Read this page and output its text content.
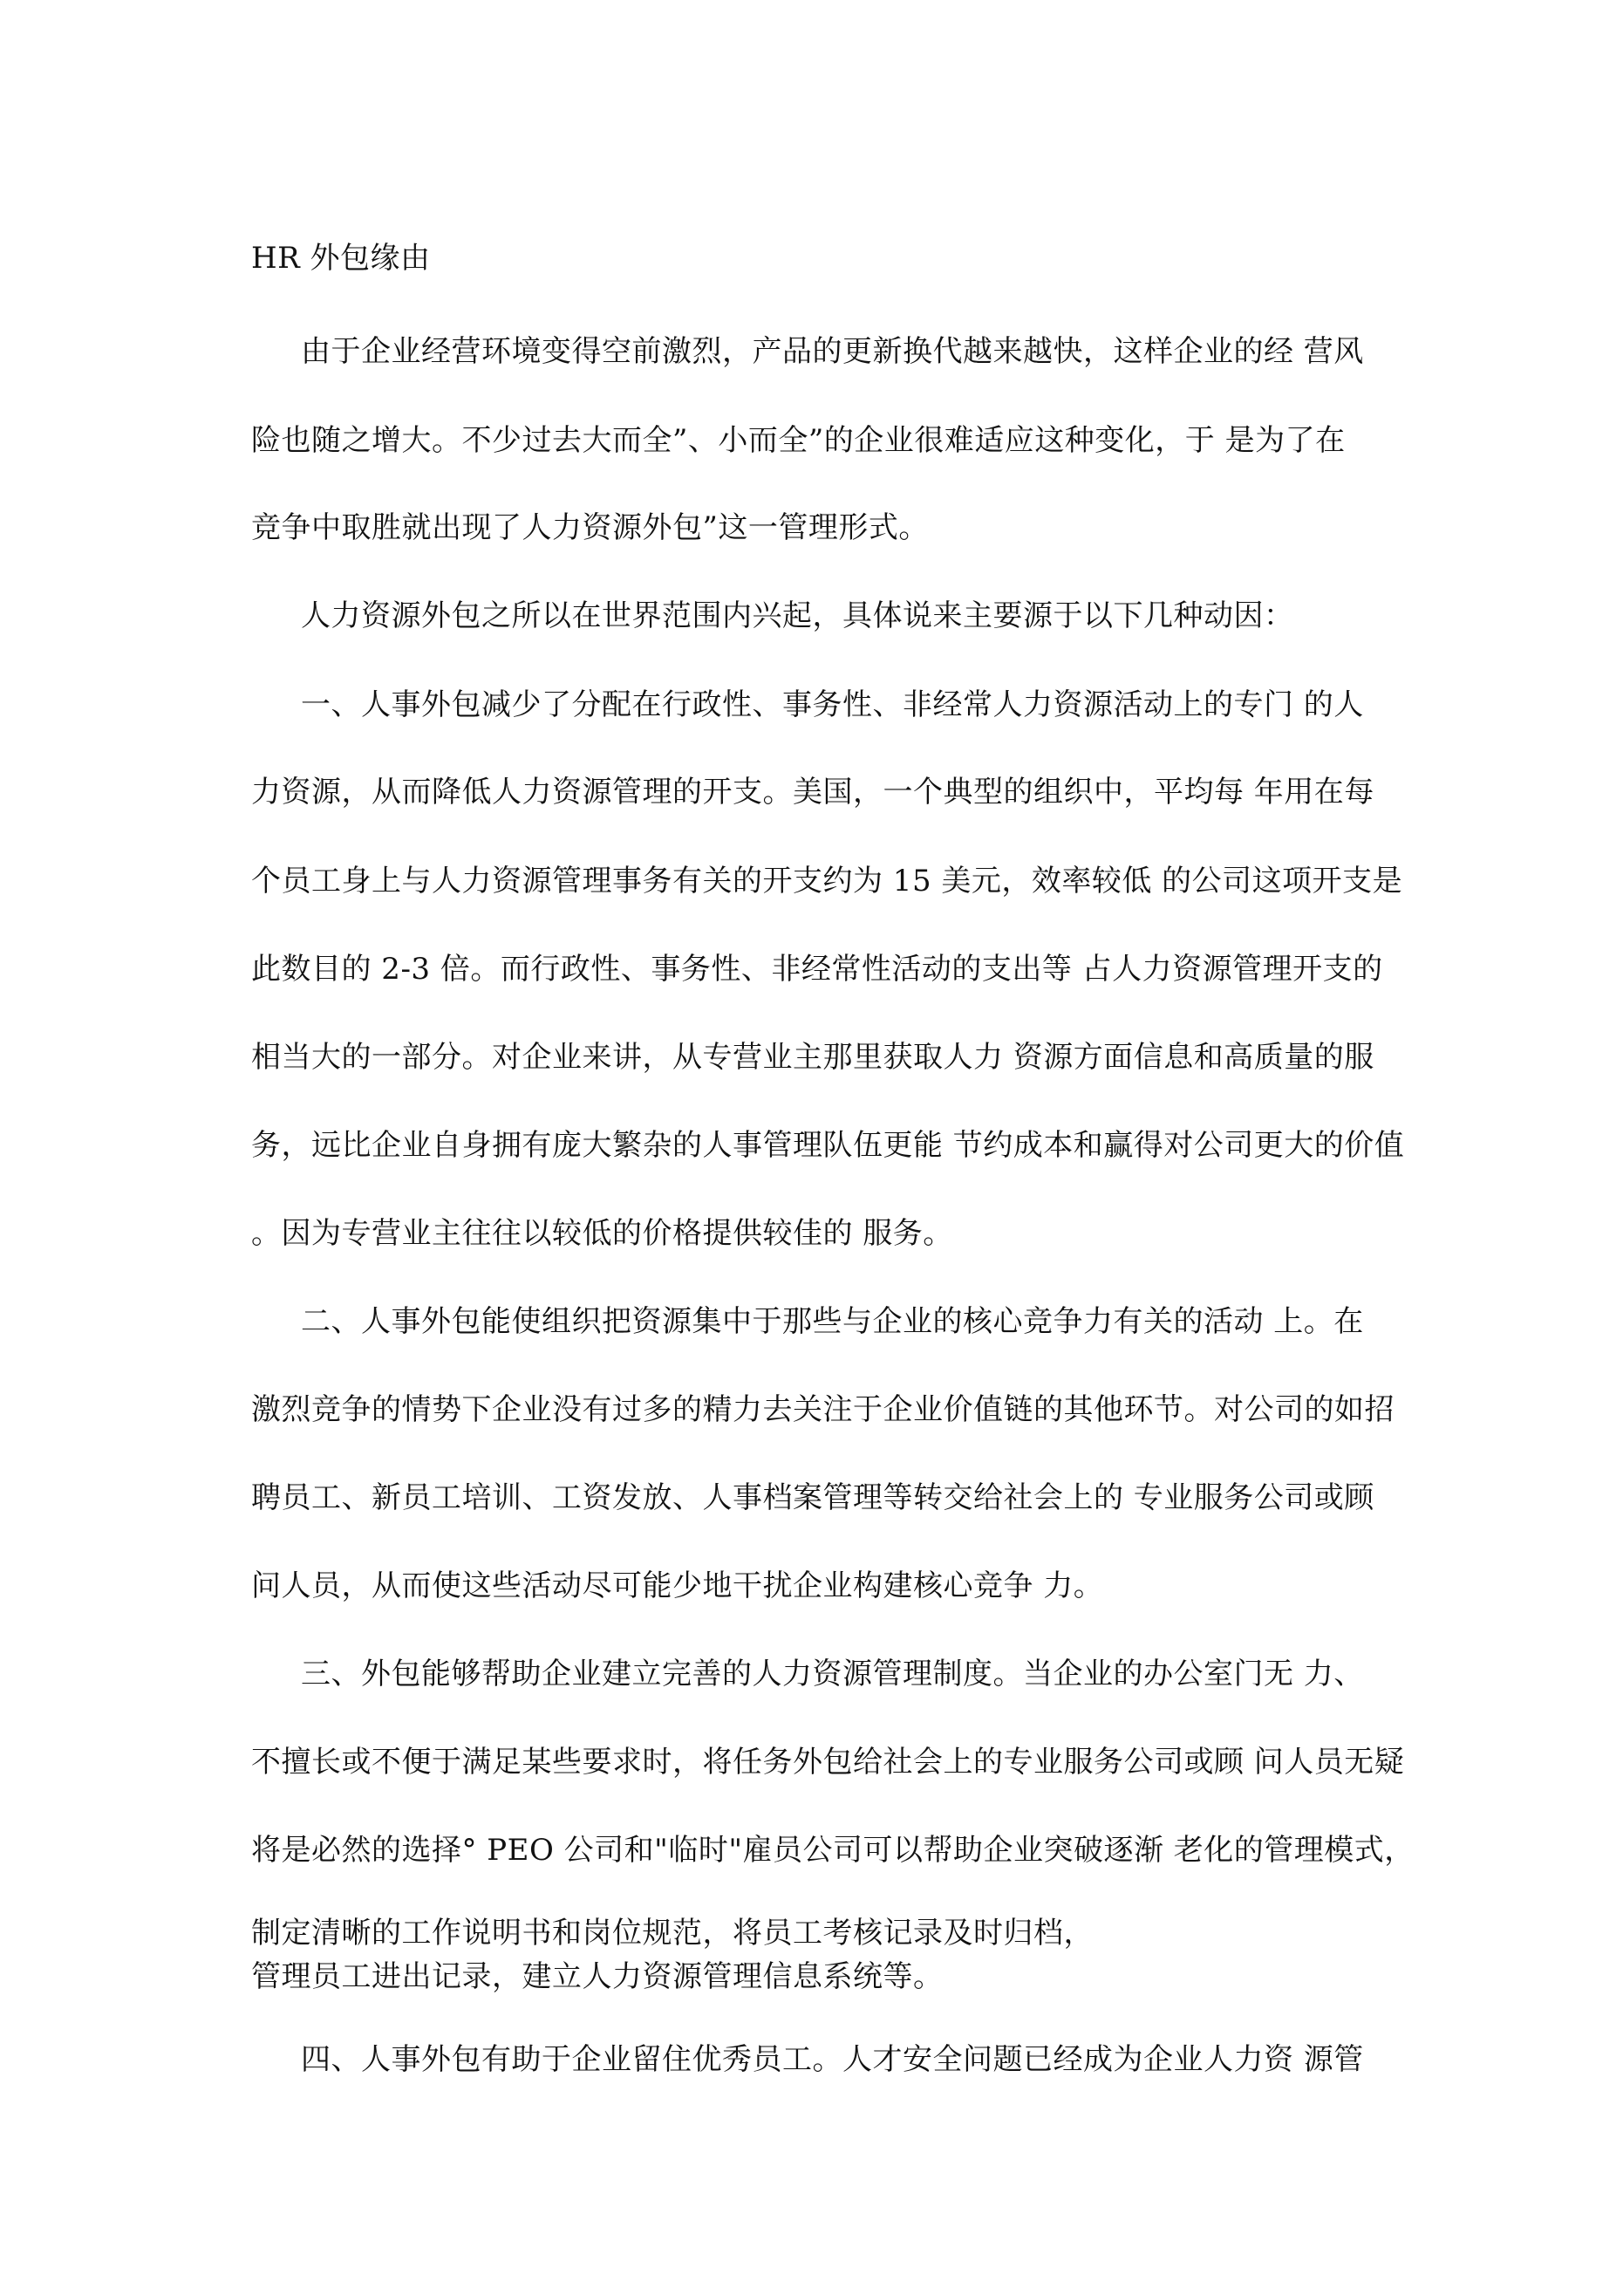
HR 外包缘由

由于企业经营环境变得空前激烈，产品的更新换代越来越快，这样企业的经 营风

险也随之增大。不少过去大而全”、小而全”的企业很难适应这种变化，于 是为了在

竞争中取胜就出现了人力资源外包”这一管理形式。

人力资源外包之所以在世界范围内兴起，具体说来主要源于以下几种动因：

一、人事外包减少了分配在行政性、事务性、非经常人力资源活动上的专门 的人

力资源，从而降低人力资源管理的开支。美国，一个典型的组织中，平均每 年用在每

个员工身上与人力资源管理事务有关的开支约为 15 美元，效率较低 的公司这项开支是

此数目的 2-3 倍。而行政性、事务性、非经常性活动的支出等 占人力资源管理开支的

相当大的一部分。对企业来讲，从专营业主那里获取人力 资源方面信息和高质量的服

务，远比企业自身拥有庞大繁杂的人事管理队伍更能 节约成本和赢得对公司更大的价值

。因为专营业主往往以较低的价格提供较佳的 服务。

二、人事外包能使组织把资源集中于那些与企业的核心竞争力有关的活动 上。在

激烈竞争的情势下企业没有过多的精力去关注于企业价值链的其他环节。对公司的如招

聘员工、新员工培训、工资发放、人事档案管理等转交给社会上的 专业服务公司或顾

问人员，从而使这些活动尽可能少地干扰企业构建核心竞争 力。

三、外包能够帮助企业建立完善的人力资源管理制度。当企业的办公室门无 力、

不擅长或不便于满足某些要求时，将任务外包给社会上的专业服务公司或顾 问人员无疑

将是必然的选择° PEO 公司和"临时"雇员公司可以帮助企业突破逐渐 老化的管理模式，

制定清晰的工作说明书和岗位规范，将员工考核记录及时归档，

管理员工进出记录，建立人力资源管理信息系统等。

四、人事外包有助于企业留住优秀员工。人才安全问题已经成为企业人力资 源管
